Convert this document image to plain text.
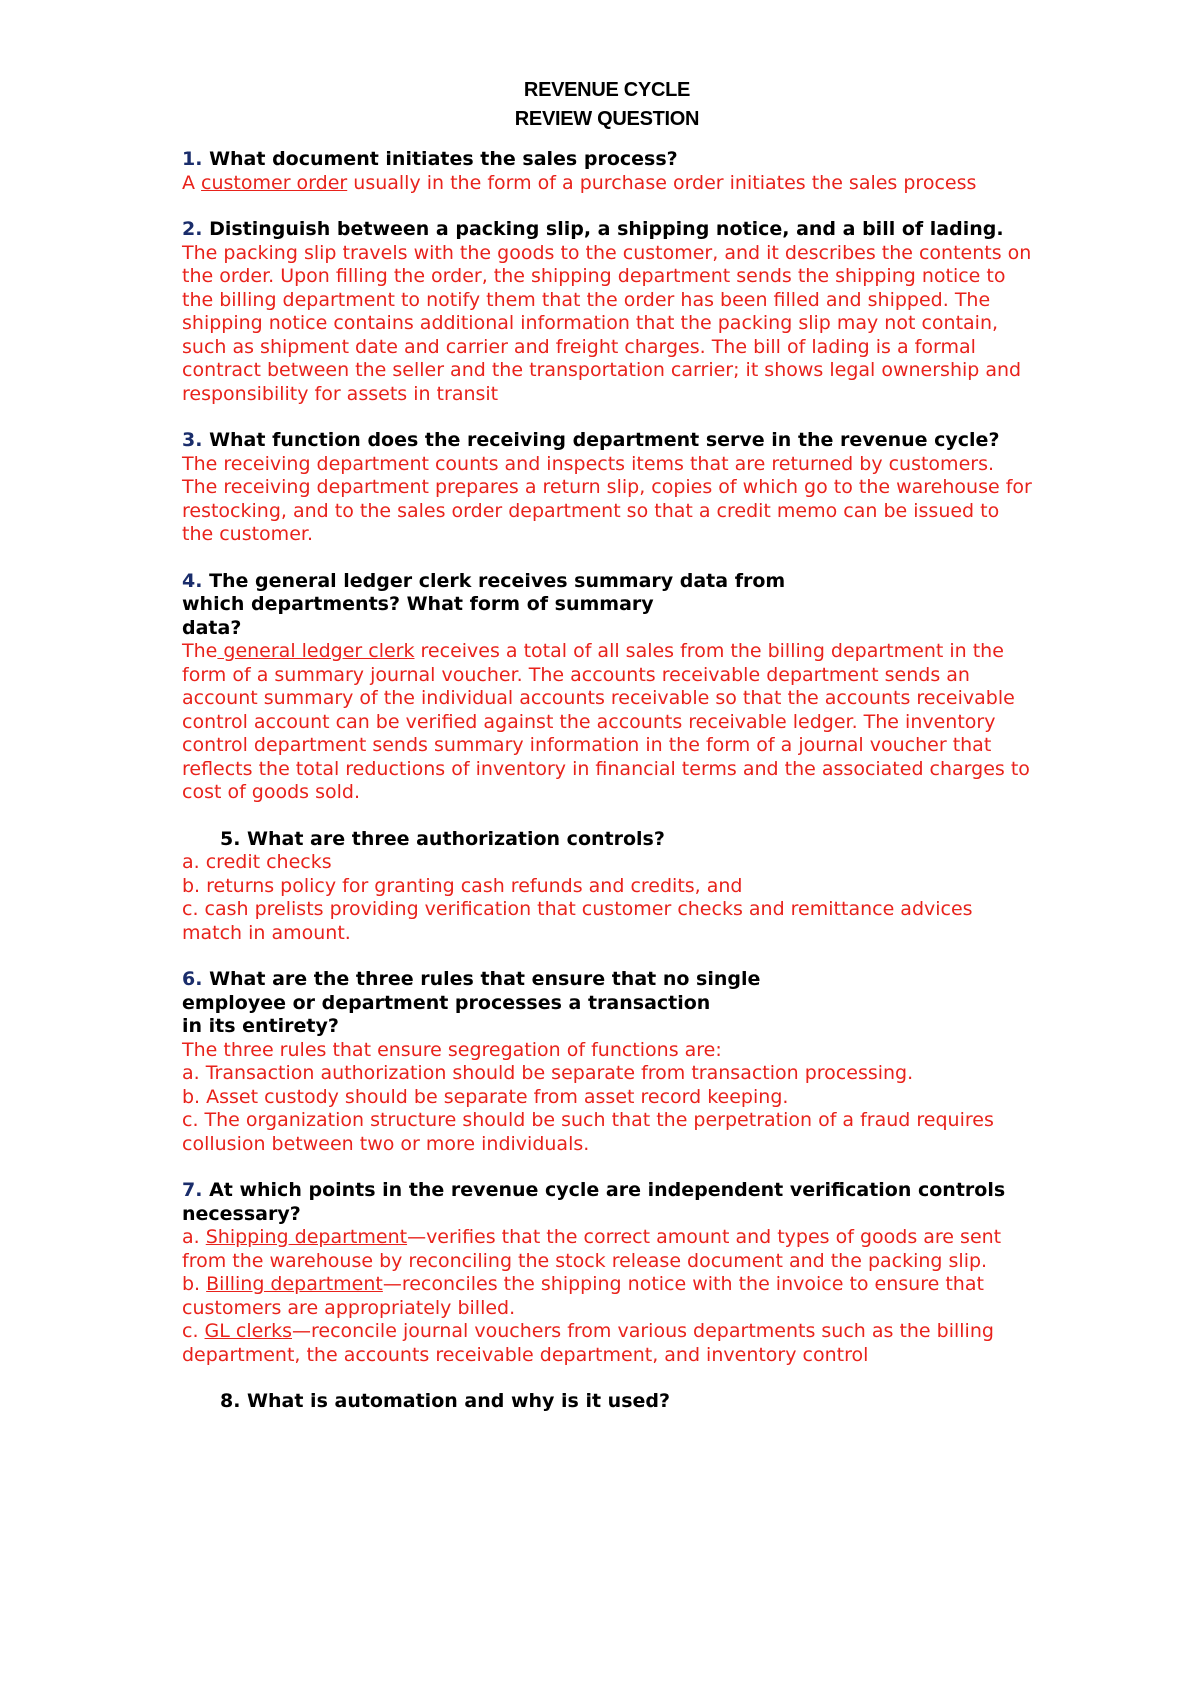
REVENUE CYCLE

REVIEW QUESTION

1. What document initiates the sales process?

A customer order usually in the form of a purchase order initiates the sales process

2. Distinguish between a packing slip, a shipping notice, and a bill of lading.

The packing slip travels with the goods to the customer, and it describes the contents on the order. Upon filling the order, the shipping department sends the shipping notice to the billing department to notify them that the order has been filled and shipped. The shipping notice contains additional information that the packing slip may not contain, such as shipment date and carrier and freight charges. The bill of lading is a formal contract between the seller and the transportation carrier; it shows legal ownership and responsibility for assets in transit

3. What function does the receiving department serve in the revenue cycle?

The receiving department counts and inspects items that are returned by customers. The receiving department prepares a return slip, copies of which go to the warehouse for restocking, and to the sales order department so that a credit memo can be issued to the customer.

4. The general ledger clerk receives summary data from which departments? What form of summary

data?

The general ledger clerk receives a total of all sales from the billing department in the form of a summary journal voucher. The accounts receivable department sends an account summary of the individual accounts receivable so that the accounts receivable control account can be verified against the accounts receivable ledger. The inventory control department sends summary information in the form of a journal voucher that reflects the total reductions of inventory in financial terms and the associated charges to cost of goods sold.

5. What are three authorization controls?

a. credit checks

b. returns policy for granting cash refunds and credits, and

c. cash prelists providing verification that customer checks and remittance advices match in amount.

6. What are the three rules that ensure that no single employee or department processes a transaction

in its entirety?

The three rules that ensure segregation of functions are:

a. Transaction authorization should be separate from transaction processing.

b. Asset custody should be separate from asset record keeping.

c. The organization structure should be such that the perpetration of a fraud requires collusion between two or more individuals.

7. At which points in the revenue cycle are independent verification controls necessary?

a. Shipping department—verifies that the correct amount and types of goods are sent from the warehouse by reconciling the stock release document and the packing slip.

b. Billing department—reconciles the shipping notice with the invoice to ensure that customers are appropriately billed.

c. GL clerks—reconcile journal vouchers from various departments such as the billing department, the accounts receivable department, and inventory control

8. What is automation and why is it used?
